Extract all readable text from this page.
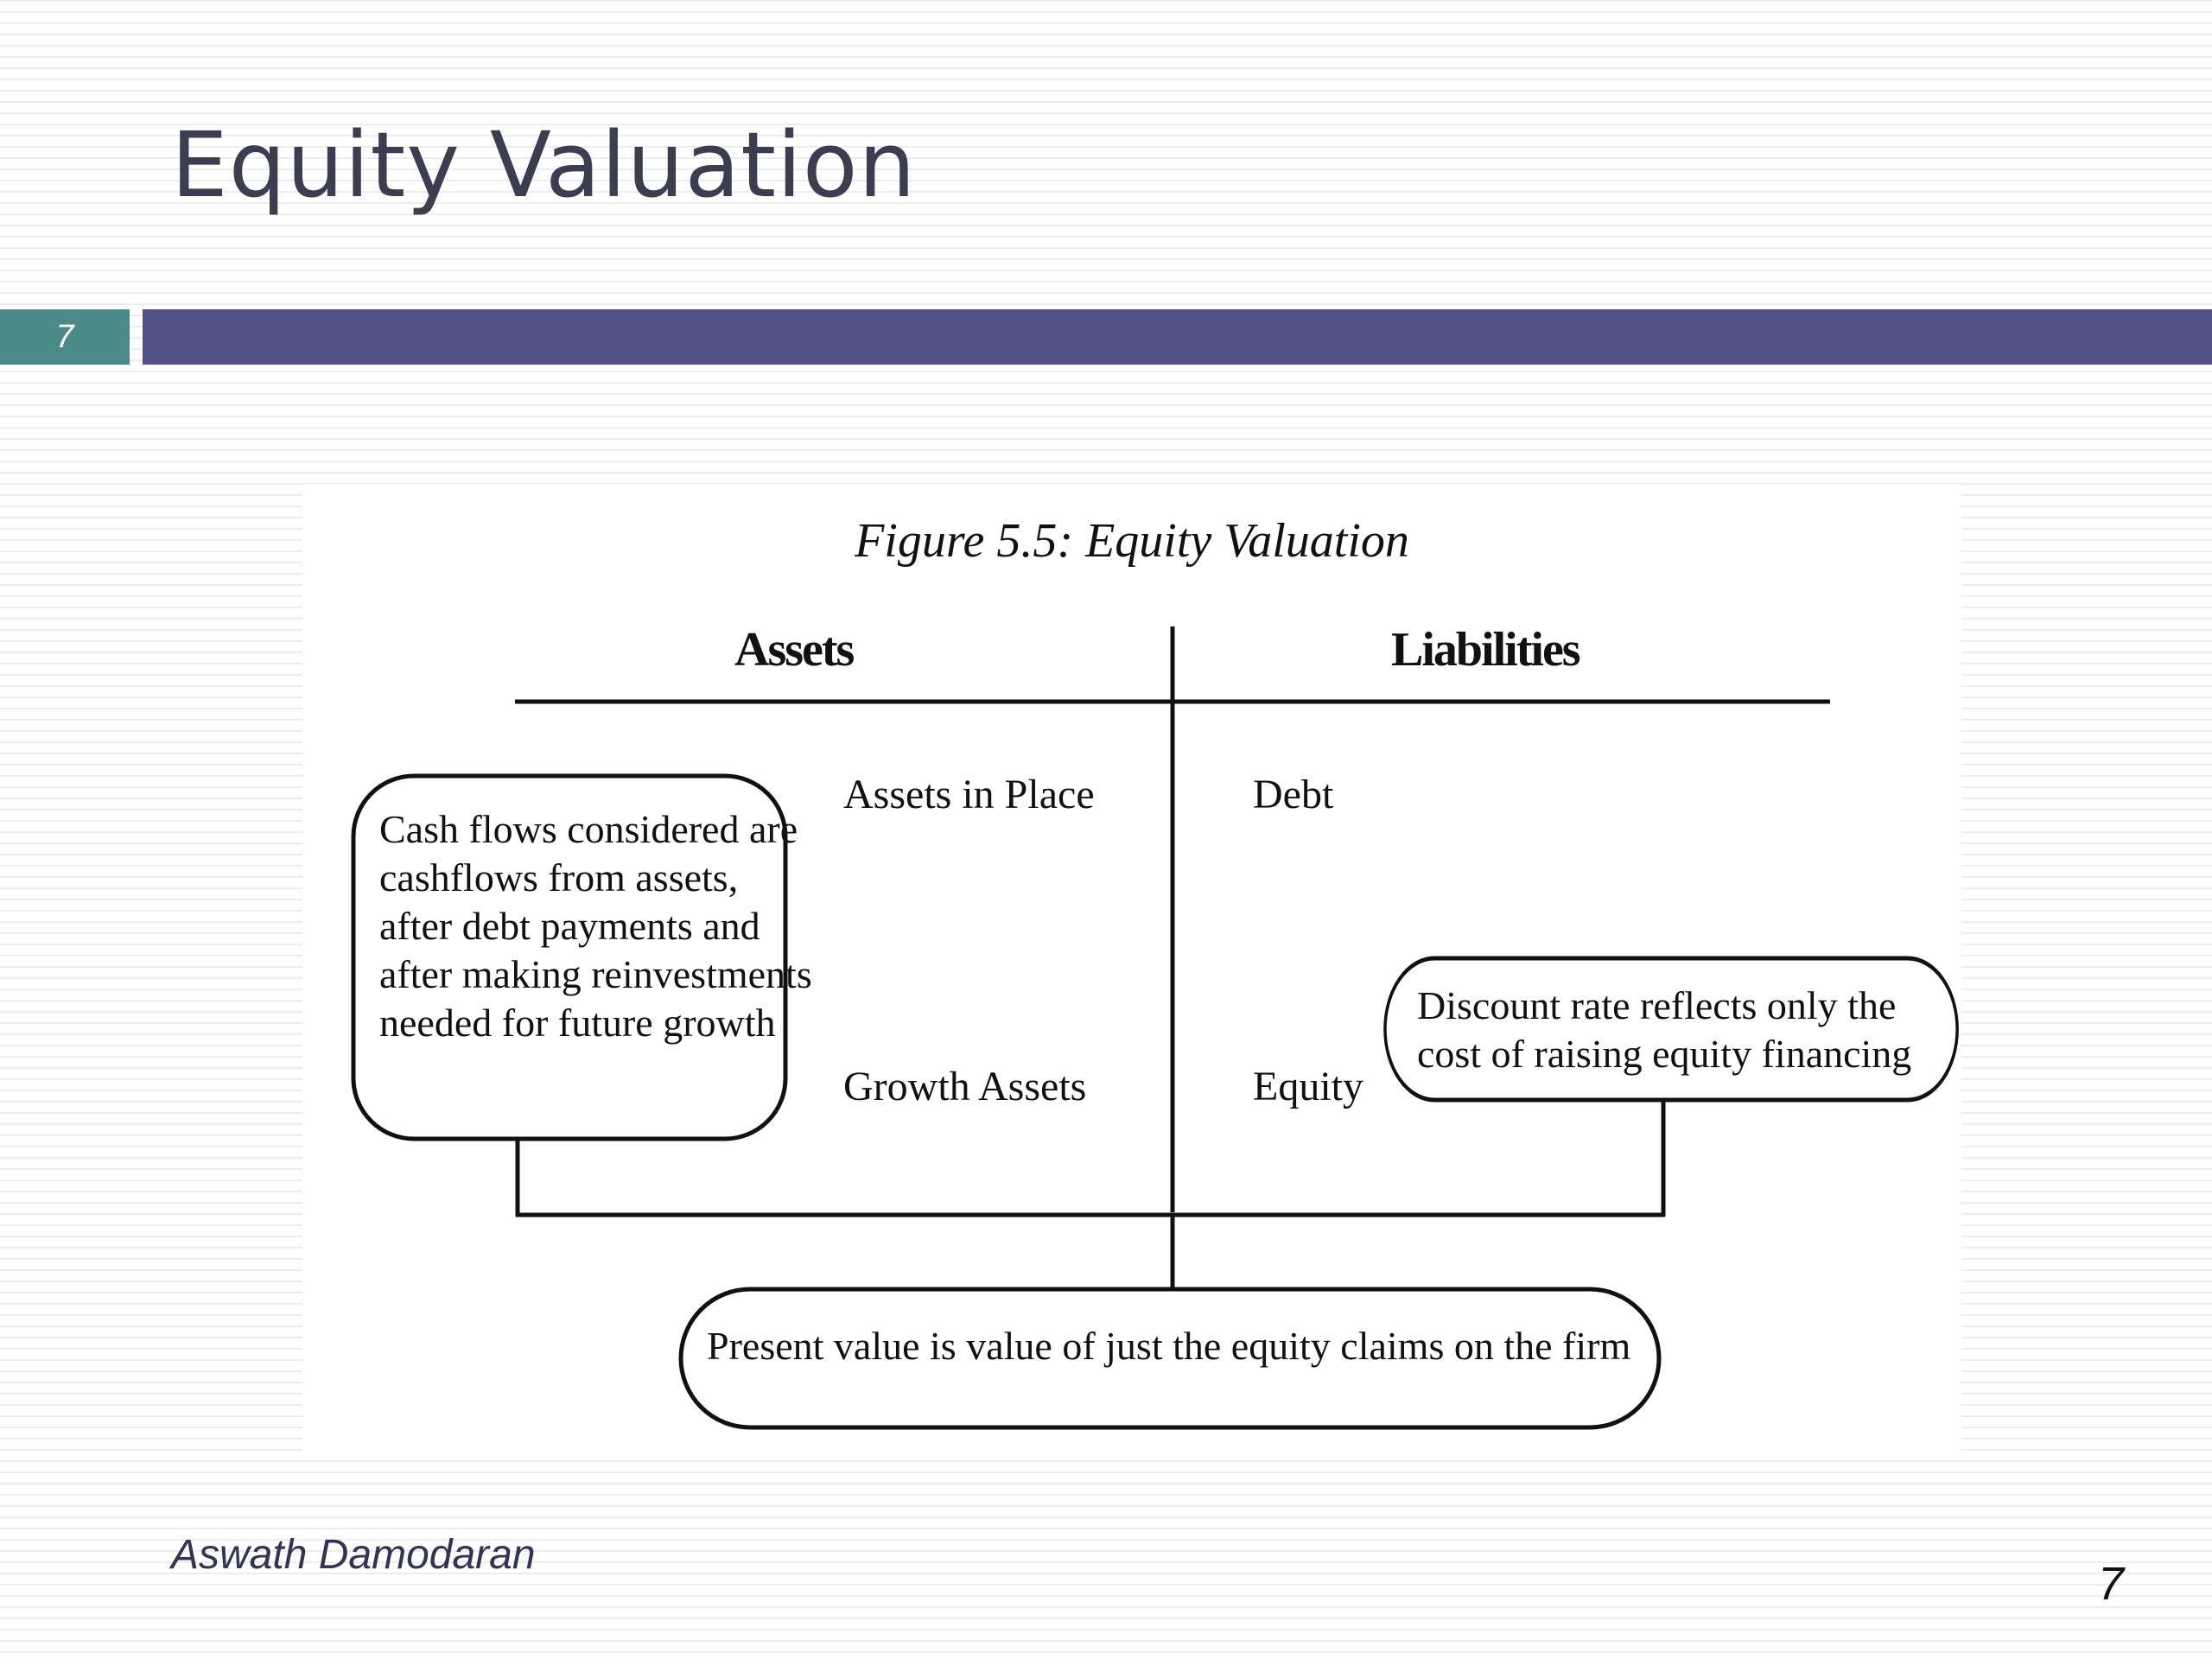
Equity Valuation
7
Figure 5.5: Equity Valuation
Assets	Liabilities
Assets in Place
Growth Assets
Debt
Equity
Cash flows considered are
cashflows from assets,
after debt payments and
after making reinvestments
needed for future growth	Discount rate reflects only the
cost of raising equity financing
Present value is value of just the equity claims on the firm
Aswath Damodaran
7
